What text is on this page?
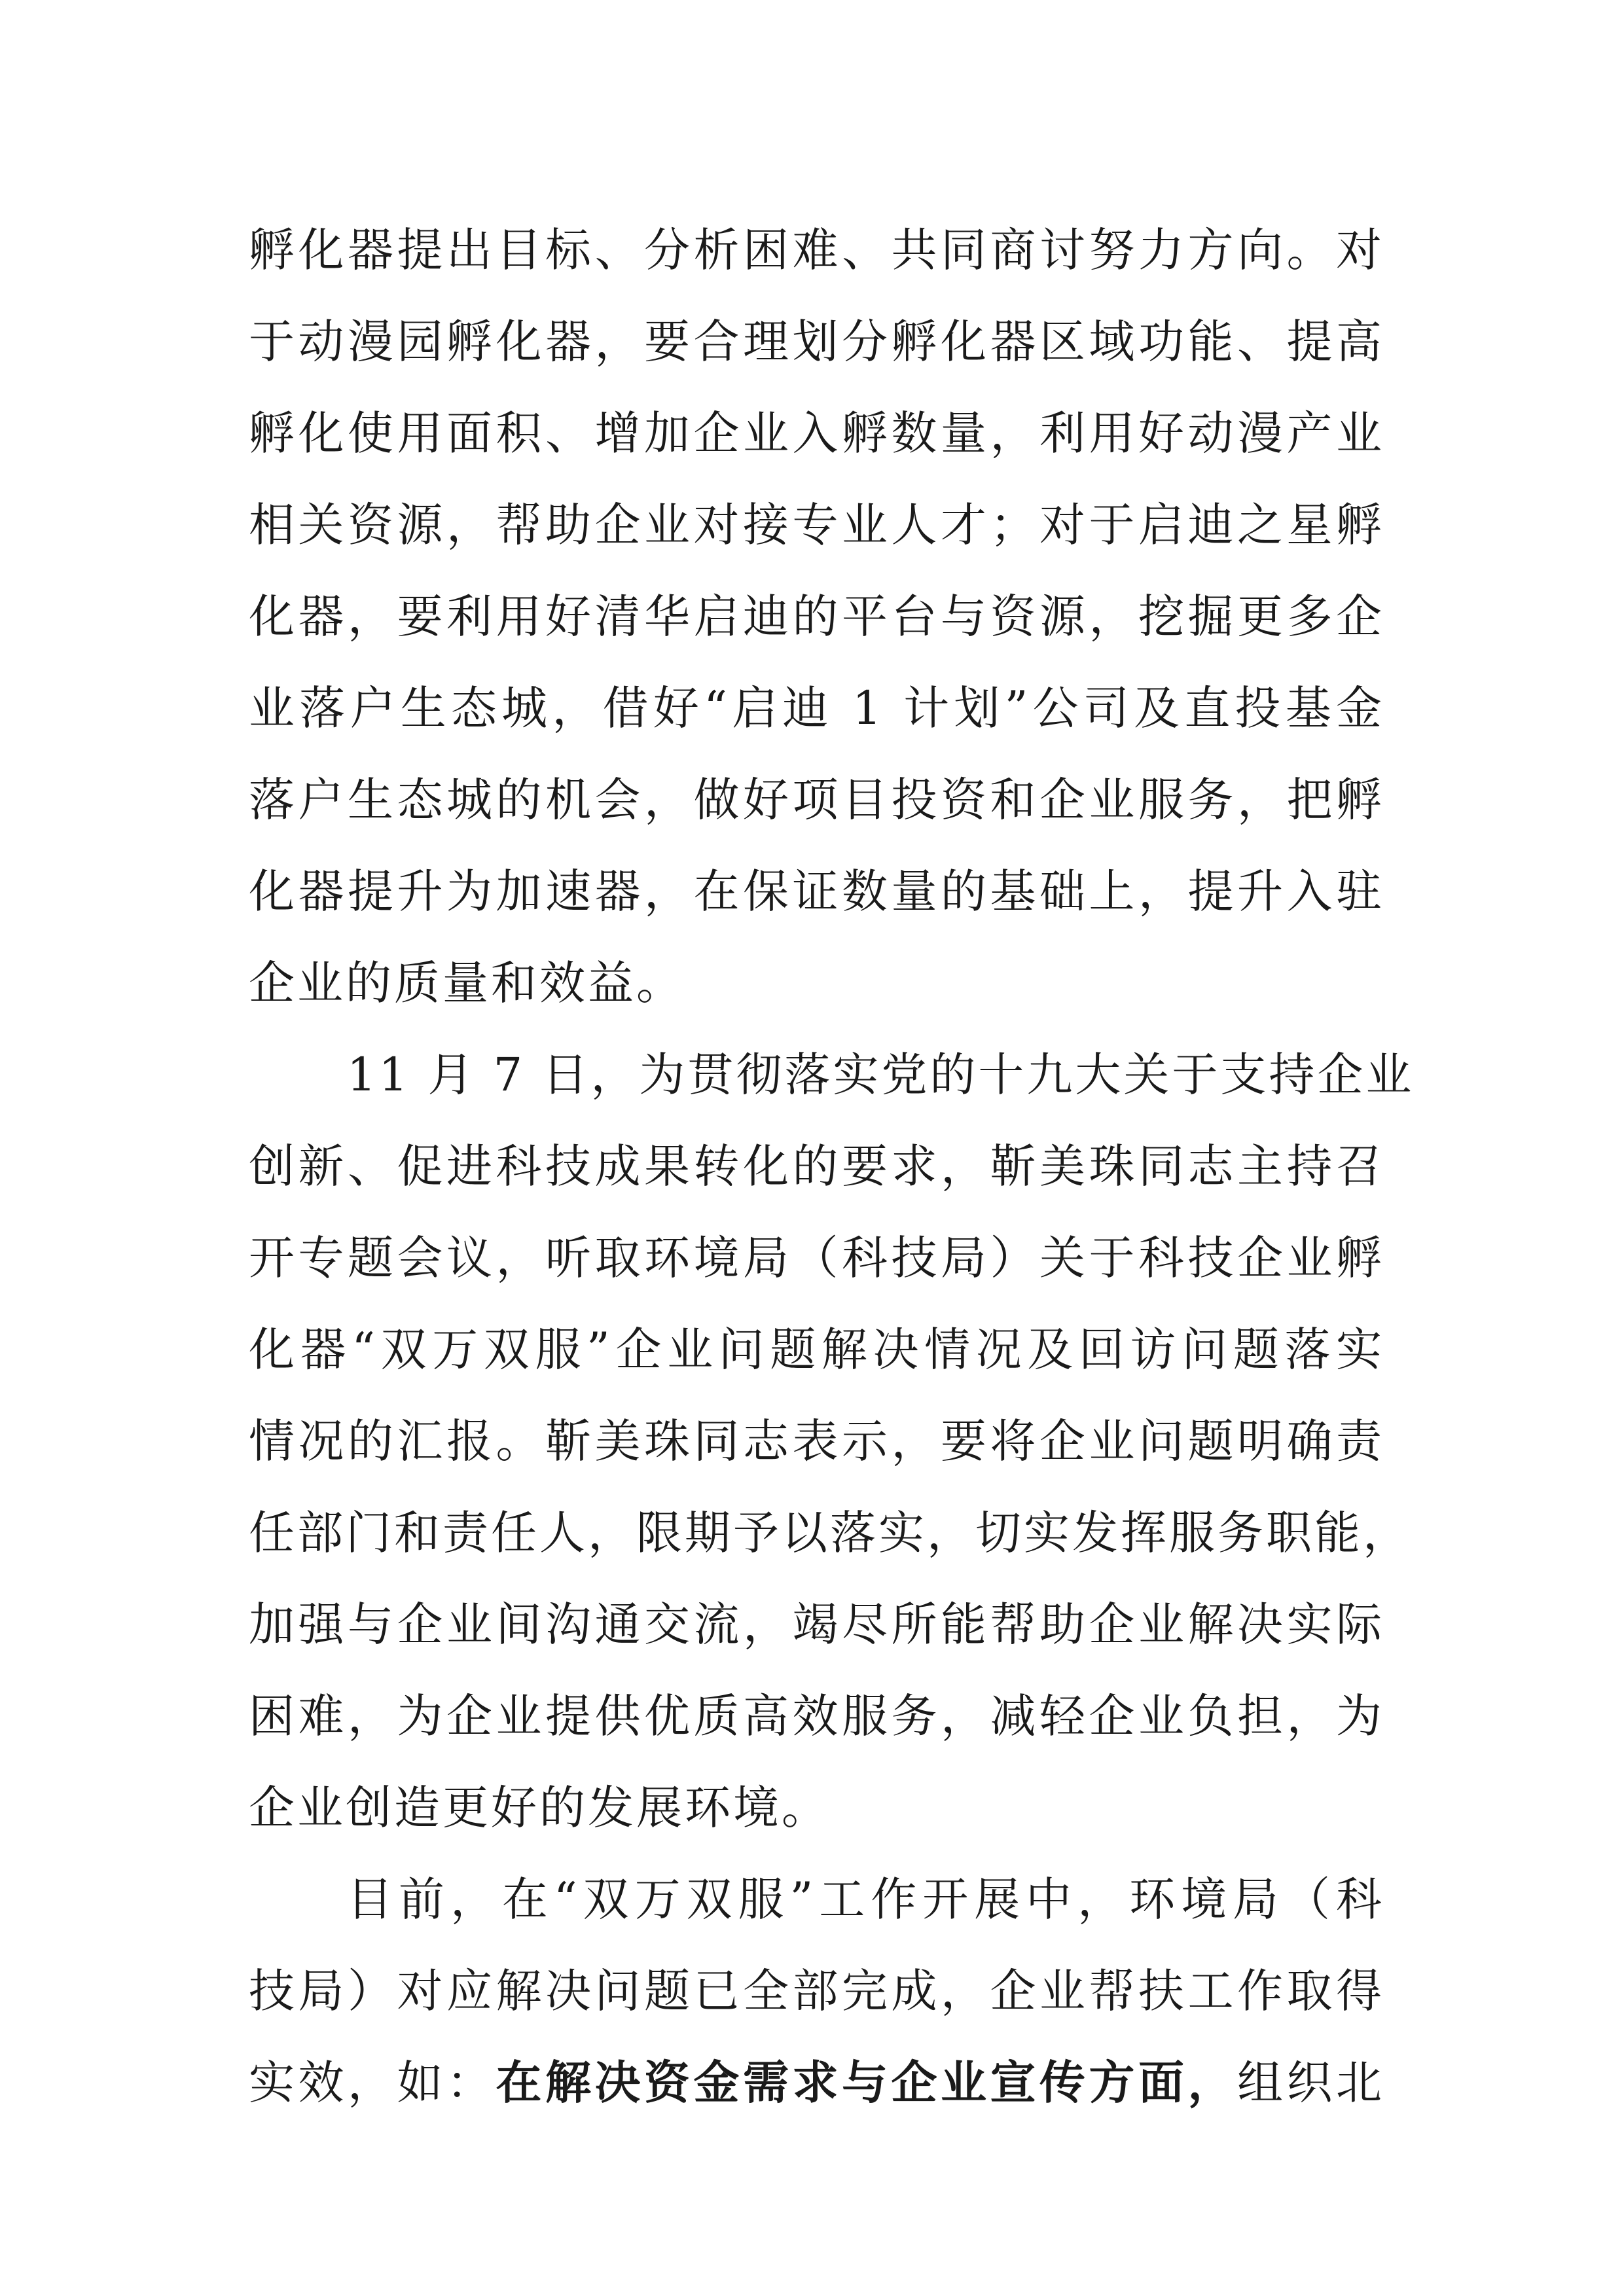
孵化器提出目标、分析困难、共同商讨努力方向。对
于动漫园孵化器，要合理划分孵化器区域功能、提高
孵化使用面积、增加企业入孵数量，利用好动漫产业
相关资源，帮助企业对接专业人才；对于启迪之星孵
化器，要利用好清华启迪的平台与资源，挖掘更多企
业落户生态城，借好“启迪 1 计划”公司及直投基金
落户生态城的机会，做好项目投资和企业服务，把孵
化器提升为加速器，在保证数量的基础上，提升入驻
企业的质量和效益。
11 月 7 日，为贯彻落实党的十九大关于支持企业
创新、促进科技成果转化的要求，靳美珠同志主持召
开专题会议，听取环境局（科技局）关于科技企业孵
化器“双万双服”企业问题解决情况及回访问题落实
情况的汇报。靳美珠同志表示，要将企业问题明确责
任部门和责任人，限期予以落实，切实发挥服务职能，
加强与企业间沟通交流，竭尽所能帮助企业解决实际
困难，为企业提供优质高效服务，减轻企业负担，为
企业创造更好的发展环境。
目前，在“双万双服”工作开展中，环境局（科
技局）对应解决问题已全部完成，企业帮扶工作取得
实效，如：在解决资金需求与企业宣传方面，组织北
